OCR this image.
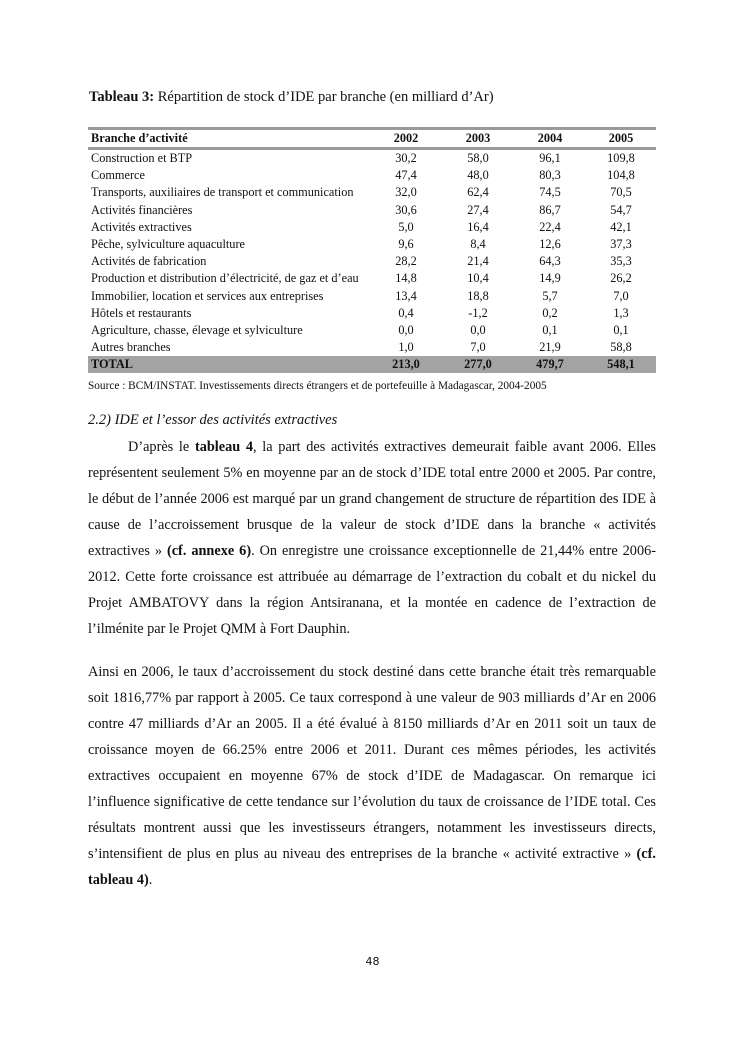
Tableau 3: Répartition de stock d’IDE par branche (en milliard d’Ar)
Branche d’activité	2002	2003	2004	2005
Construction et BTP	30,2	58,0	96,1	109,8
Commerce	47,4	48,0	80,3	104,8
Transports, auxiliaires de transport et communication	32,0	62,4	74,5	70,5
Activités financières	30,6	27,4	86,7	54,7
Activités extractives	5,0	16,4	22,4	42,1
Pêche, sylviculture aquaculture	9,6	8,4	12,6	37,3
Activités de fabrication	28,2	21,4	64,3	35,3
Production et distribution d’électricité, de gaz et d’eau	14,8	10,4	14,9	26,2
Immobilier, location et services aux entreprises	13,4	18,8	5,7	7,0
Hôtels et restaurants	0,4	-1,2	0,2	1,3
Agriculture, chasse, élevage et sylviculture	0,0	0,0	0,1	0,1
Autres branches	1,0	7,0	21,9	58,8
TOTAL	213,0	277,0	479,7	548,1
Source : BCM/INSTAT. Investissements directs étrangers et de portefeuille à Madagascar, 2004-2005
2.2) IDE et l’essor des activités extractives

D’après le tableau 4, la part des activités extractives demeurait faible avant 2006. Elles représentent seulement 5% en moyenne par an de stock d’IDE total entre 2000 et 2005. Par contre, le début de l’année 2006 est marqué par un grand changement de structure de répartition des IDE à cause de l’accroissement brusque de la valeur de stock d’IDE dans la branche « activités extractives » (cf. annexe 6). On enregistre une croissance exceptionnelle de 21,44% entre 2006-2012. Cette forte croissance est attribuée au démarrage de l’extraction du cobalt et du nickel du Projet AMBATOVY dans la région Antsiranana, et la montée en cadence de l’extraction de l’ilménite par le Projet QMM à Fort Dauphin.

Ainsi en 2006, le taux d’accroissement du stock destiné dans cette branche était très remarquable soit 1816,77% par rapport à 2005. Ce taux correspond à une valeur de 903 milliards d’Ar en 2006 contre 47 milliards d’Ar an 2005. Il a été évalué à 8150 milliards d’Ar en 2011 soit un taux de croissance moyen de 66.25% entre 2006 et 2011. Durant ces mêmes périodes, les activités extractives occupaient en moyenne 67% de stock d’IDE de Madagascar. On remarque ici l’influence significative de cette tendance sur l’évolution du taux de croissance de l’IDE total. Ces résultats montrent aussi que les investisseurs étrangers, notamment les investisseurs directs, s’intensifient de plus en plus au niveau des entreprises de la branche « activité extractive » (cf. tableau 4).

48
